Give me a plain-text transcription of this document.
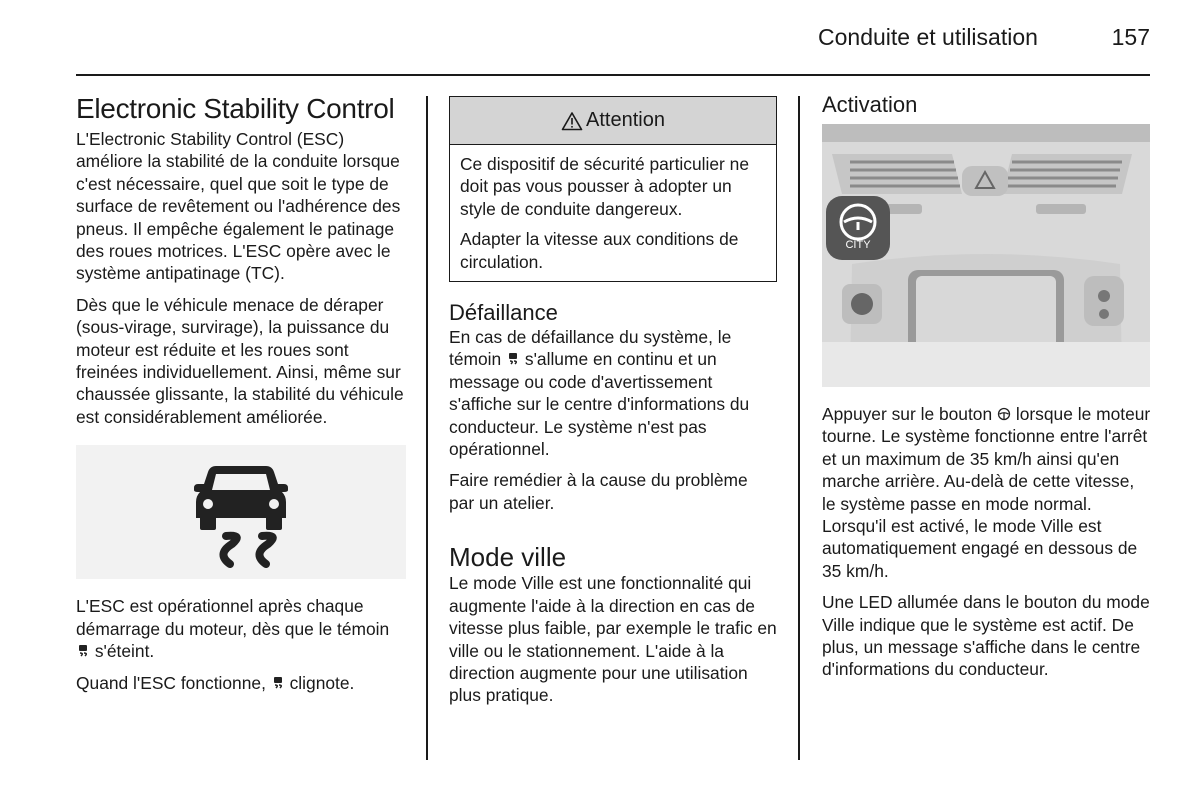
Conduite et utilisation	157
Electronic Stability Control

L'Electronic Stability Control (ESC) améliore la stabilité de la conduite lorsque c'est nécessaire, quel que soit le type de surface de revêtement ou l'adhérence des pneus. Il empêche également le patinage des roues motrices. L'ESC opère avec le système antipatinage (TC).

Dès que le véhicule menace de déraper (sous-virage, survirage), la puissance du moteur est réduite et les roues sont freinées individuellement. Ainsi, même sur chaussée glissante, la stabilité du véhicule est considérablement améliorée.

L'ESC est opérationnel après chaque démarrage du moteur, dès que le témoin  s'éteint.

Quand l'ESC fonctionne, clignote.

Attention

Ce dispositif de sécurité particulier ne doit pas vous pousser à adopter un style de conduite dangereux.

Adapter la vitesse aux conditions de circulation.

Défaillance

En cas de défaillance du système, le témoin s'allume en continu et un message ou code d'avertissement s'affiche sur le centre d'informations du conducteur. Le système n'est pas opérationnel.

Faire remédier à la cause du problème par un atelier.

Mode ville

Le mode Ville est une fonctionnalité qui augmente l'aide à la direction en cas de vitesse plus faible, par exemple le trafic en ville ou le stationnement. L'aide à la direction augmente pour une utilisation plus pratique.

Activation
CITY

Appuyer sur le bouton lorsque le moteur tourne. Le système fonctionne entre l'arrêt et un maximum de 35 km/h ainsi qu'en marche arrière. Au-delà de cette vitesse, le système passe en mode normal. Lorsqu'il est activé, le mode Ville est automatiquement engagé en dessous de 35 km/h.

Une LED allumée dans le bouton du mode Ville indique que le système est actif. De plus, un message s'affiche dans le centre d'informations du conducteur.
